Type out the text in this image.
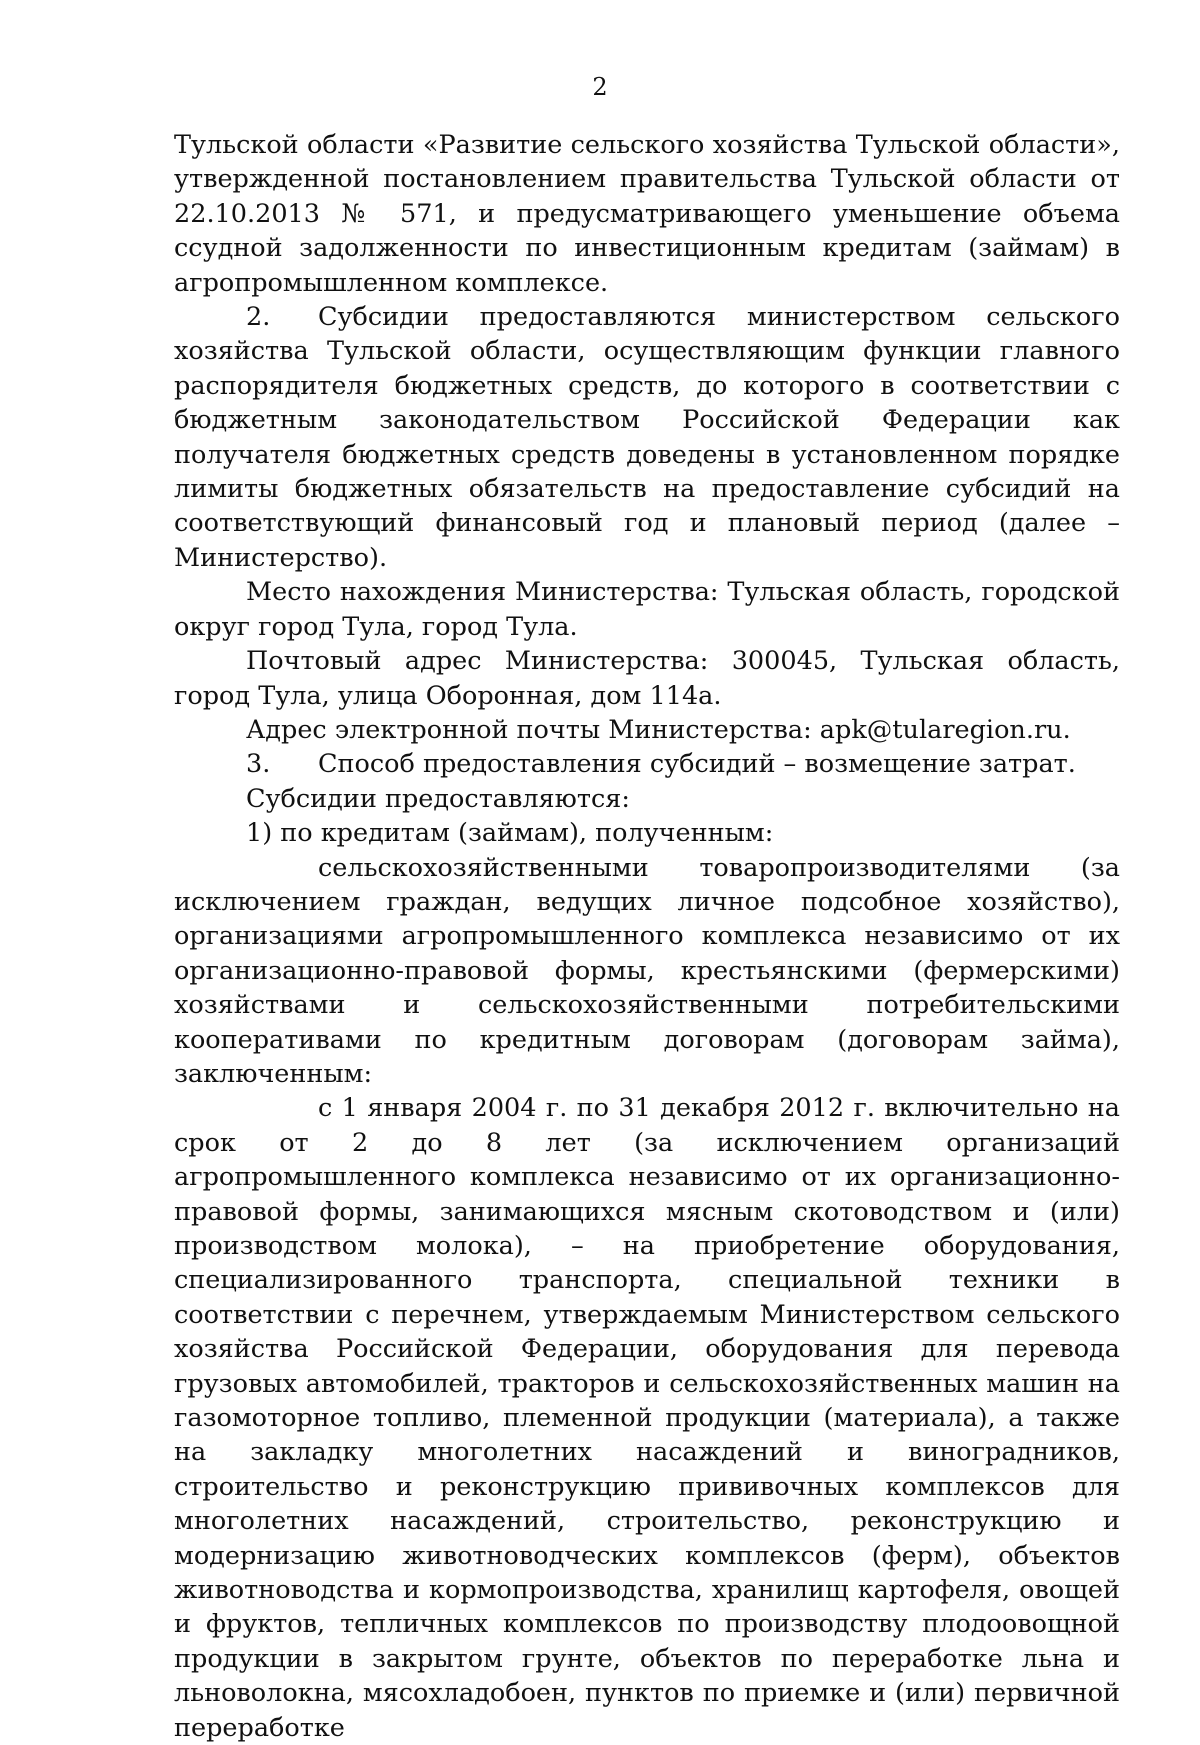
2

Тульской области «Развитие сельского хозяйства Тульской области», утвержденной постановлением правительства Тульской области от 22.10.2013 № 571, и предусматривающего уменьшение объема ссудной задолженности по инвестиционным кредитам (займам) в агропромышленном комплексе.

2. Субсидии предоставляются министерством сельского хозяйства Тульской области, осуществляющим функции главного распорядителя бюджетных средств, до которого в соответствии с бюджетным законодательством Российской Федерации как получателя бюджетных средств доведены в установленном порядке лимиты бюджетных обязательств на предоставление субсидий на соответствующий финансовый год и плановый период (далее – Министерство).

Место нахождения Министерства: Тульская область, городской округ город Тула, город Тула.

Почтовый адрес Министерства: 300045, Тульская область, город Тула, улица Оборонная, дом 114а.

Адрес электронной почты Министерства: apk@tularegion.ru.

3. Способ предоставления субсидий – возмещение затрат.

Субсидии предоставляются:

1) по кредитам (займам), полученным:

сельскохозяйственными товаропроизводителями (за исключением граждан, ведущих личное подсобное хозяйство), организациями агропромышленного комплекса независимо от их организационно-правовой формы, крестьянскими (фермерскими) хозяйствами и сельскохозяйственными потребительскими кооперативами по кредитным договорам (договорам займа), заключенным:

с 1 января 2004 г. по 31 декабря 2012 г. включительно на срок от 2 до 8 лет (за исключением организаций агропромышленного комплекса независимо от их организационно-правовой формы, занимающихся мясным скотоводством и (или) производством молока), – на приобретение оборудования, специализированного транспорта, специальной техники в соответствии с перечнем, утверждаемым Министерством сельского хозяйства Российской Федерации, оборудования для перевода грузовых автомобилей, тракторов и сельскохозяйственных машин на газомоторное топливо, племенной продукции (материала), а также на закладку многолетних насаждений и виноградников, строительство и реконструкцию прививочных комплексов для многолетних насаждений, строительство, реконструкцию и модернизацию животноводческих комплексов (ферм), объектов животноводства и кормопроизводства, хранилищ картофеля, овощей и фруктов, тепличных комплексов по производству плодоовощной продукции в закрытом грунте, объектов по переработке льна и льноволокна, мясохладобоен, пунктов по приемке и (или) первичной переработке
